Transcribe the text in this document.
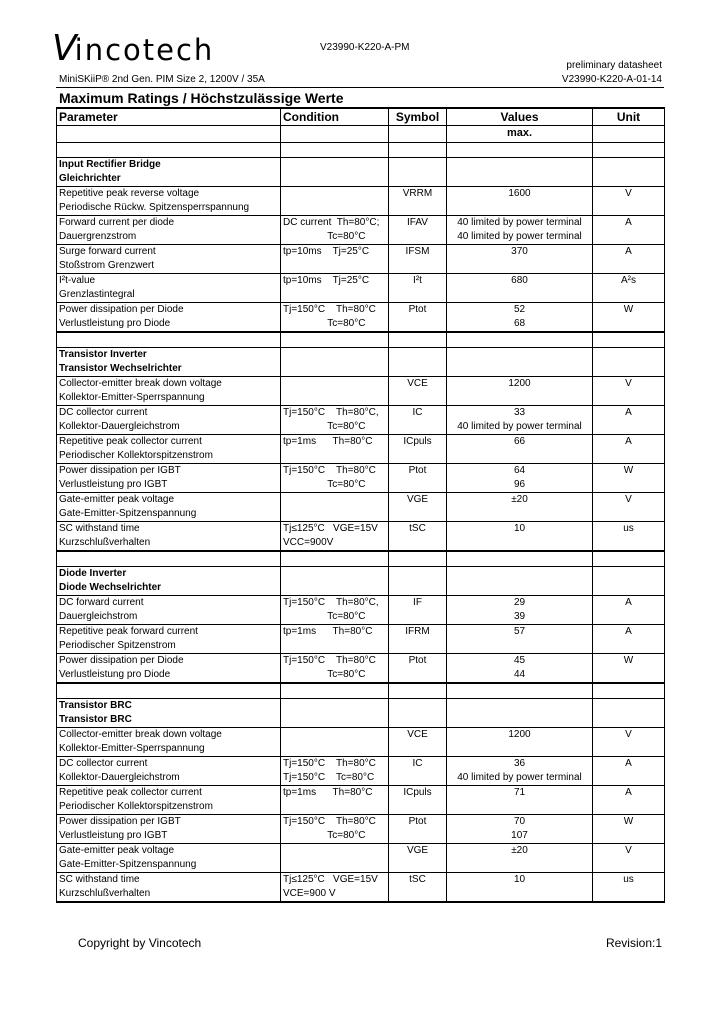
Vincotech	V23990-K220-A-PM
preliminary datasheet
MiniSKiiP® 2nd Gen. PIM Size 2, 1200V / 35A	V23990-K220-A-01-14
Maximum Ratings / Höchstzulässige Werte
Parameter	Condition	Symbol	Values	Unit
			max.	

Input Rectifier Bridge				
Gleichrichter				
Repetitive peak reverse voltage		VRRM	1600	V
Periodische Rückw. Spitzensperrspannung				
Forward current per diode	DC current  Th=80°C;	IFAV	40 limited by power terminal	A
Dauergrenzstrom	Tc=80°C		40 limited by power terminal	
Surge forward current	tp=10ms    Tj=25°C	IFSM	370	A
Stoßstrom Grenzwert				
I²t-value	tp=10ms    Tj=25°C	I²t	680	A²s
Grenzlastintegral				
Power dissipation per Diode	Tj=150°C    Th=80°C	Ptot	52	W
Verlustleistung pro Diode	Tc=80°C		68	

Transistor Inverter				
Transistor Wechselrichter				
Collector-emitter break down voltage		VCE	1200	V
Kollektor-Emitter-Sperrspannung				
DC collector current	Tj=150°C    Th=80°C,	IC	33	A
Kollektor-Dauergleichstrom	Tc=80°C		40 limited by power terminal	
Repetitive peak collector current	tp=1ms      Th=80°C	ICpuls	66	A
Periodischer Kollektorspitzenstrom				
Power dissipation per IGBT	Tj=150°C    Th=80°C	Ptot	64	W
Verlustleistung pro IGBT	Tc=80°C		96	
Gate-emitter peak voltage		VGE	±20	V
Gate-Emitter-Spitzenspannung				
SC withstand time	Tj≤125°C   VGE=15V	tSC	10	us
Kurzschlußverhalten	VCC=900V			

Diode Inverter				
Diode Wechselrichter				
DC forward current	Tj=150°C    Th=80°C,	IF	29	A
Dauergleichstrom	Tc=80°C		39	
Repetitive peak forward current	tp=1ms      Th=80°C	IFRM	57	A
Periodischer Spitzenstrom				
Power dissipation per Diode	Tj=150°C    Th=80°C	Ptot	45	W
Verlustleistung pro Diode	Tc=80°C		44	

Transistor BRC				
Transistor BRC				
Collector-emitter break down voltage		VCE	1200	V
Kollektor-Emitter-Sperrspannung				
DC collector current	Tj=150°C    Th=80°C	IC	36	A
Kollektor-Dauergleichstrom	Tj=150°C    Tc=80°C		40 limited by power terminal	
Repetitive peak collector current	tp=1ms      Th=80°C	ICpuls	71	A
Periodischer Kollektorspitzenstrom				
Power dissipation per IGBT	Tj=150°C    Th=80°C	Ptot	70	W
Verlustleistung pro IGBT	Tc=80°C		107	
Gate-emitter peak voltage		VGE	±20	V
Gate-Emitter-Spitzenspannung				
SC withstand time	Tj≤125°C   VGE=15V	tSC	10	us
Kurzschlußverhalten	VCE=900 V			
Copyright by Vincotech	Revision:1
